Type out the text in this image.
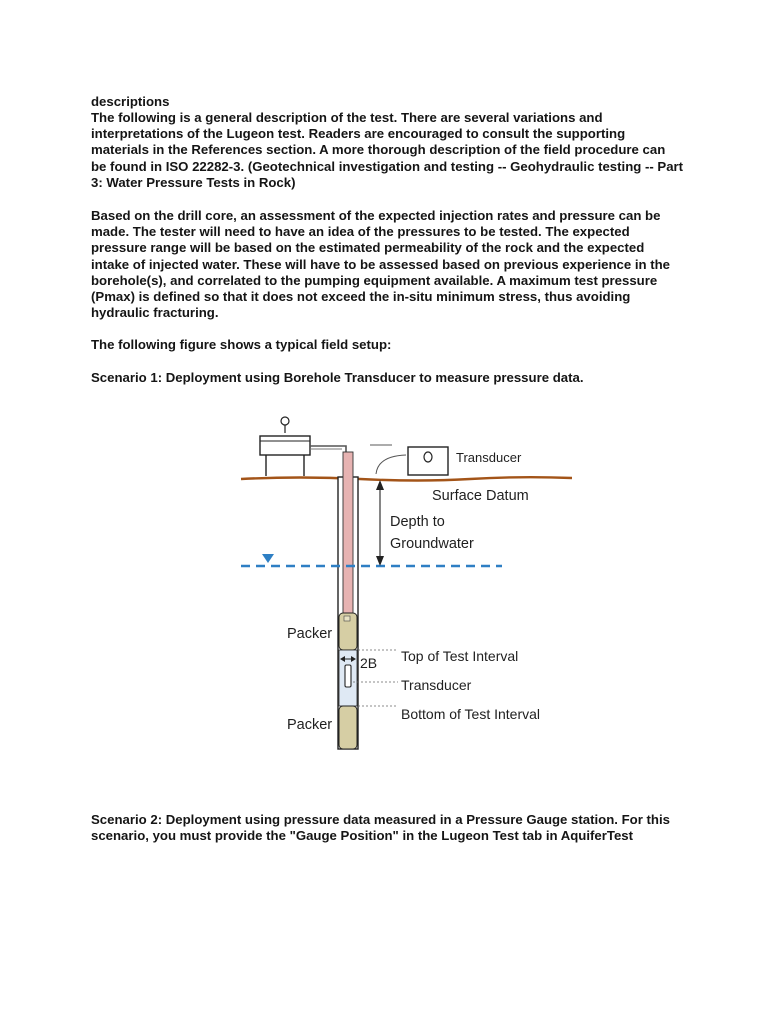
descriptions
The following is a general description of the test. There are several variations and
interpretations of the Lugeon test. Readers are encouraged to consult the supporting
materials in the References section. A more thorough description of the field procedure can
be found in ISO 22282-3. (Geotechnical investigation and testing -- Geohydraulic testing -- Part
3: Water Pressure Tests in Rock)
Based on the drill core, an assessment of the expected injection rates and pressure can be
made. The tester will need to have an idea of the pressures to be tested. The expected
pressure range will be based on the estimated permeability of the rock and the expected
intake of injected water. These will have to be assessed based on previous experience in the
borehole(s), and correlated to the pumping equipment available. A maximum test pressure
(Pmax) is defined so that it does not exceed the in-situ minimum stress, thus avoiding
hydraulic fracturing.
The following figure shows a typical field setup:
Scenario 1: Deployment using Borehole Transducer to measure pressure data.
Transducer
Surface Datum
Depth to
Groundwater
Packer
Packer
2B Top of Test Interval
Transducer
Bottom of Test Interval
Scenario 2: Deployment using pressure data measured in a Pressure Gauge station. For this
scenario, you must provide the "Gauge Position" in the Lugeon Test tab in AquiferTest
